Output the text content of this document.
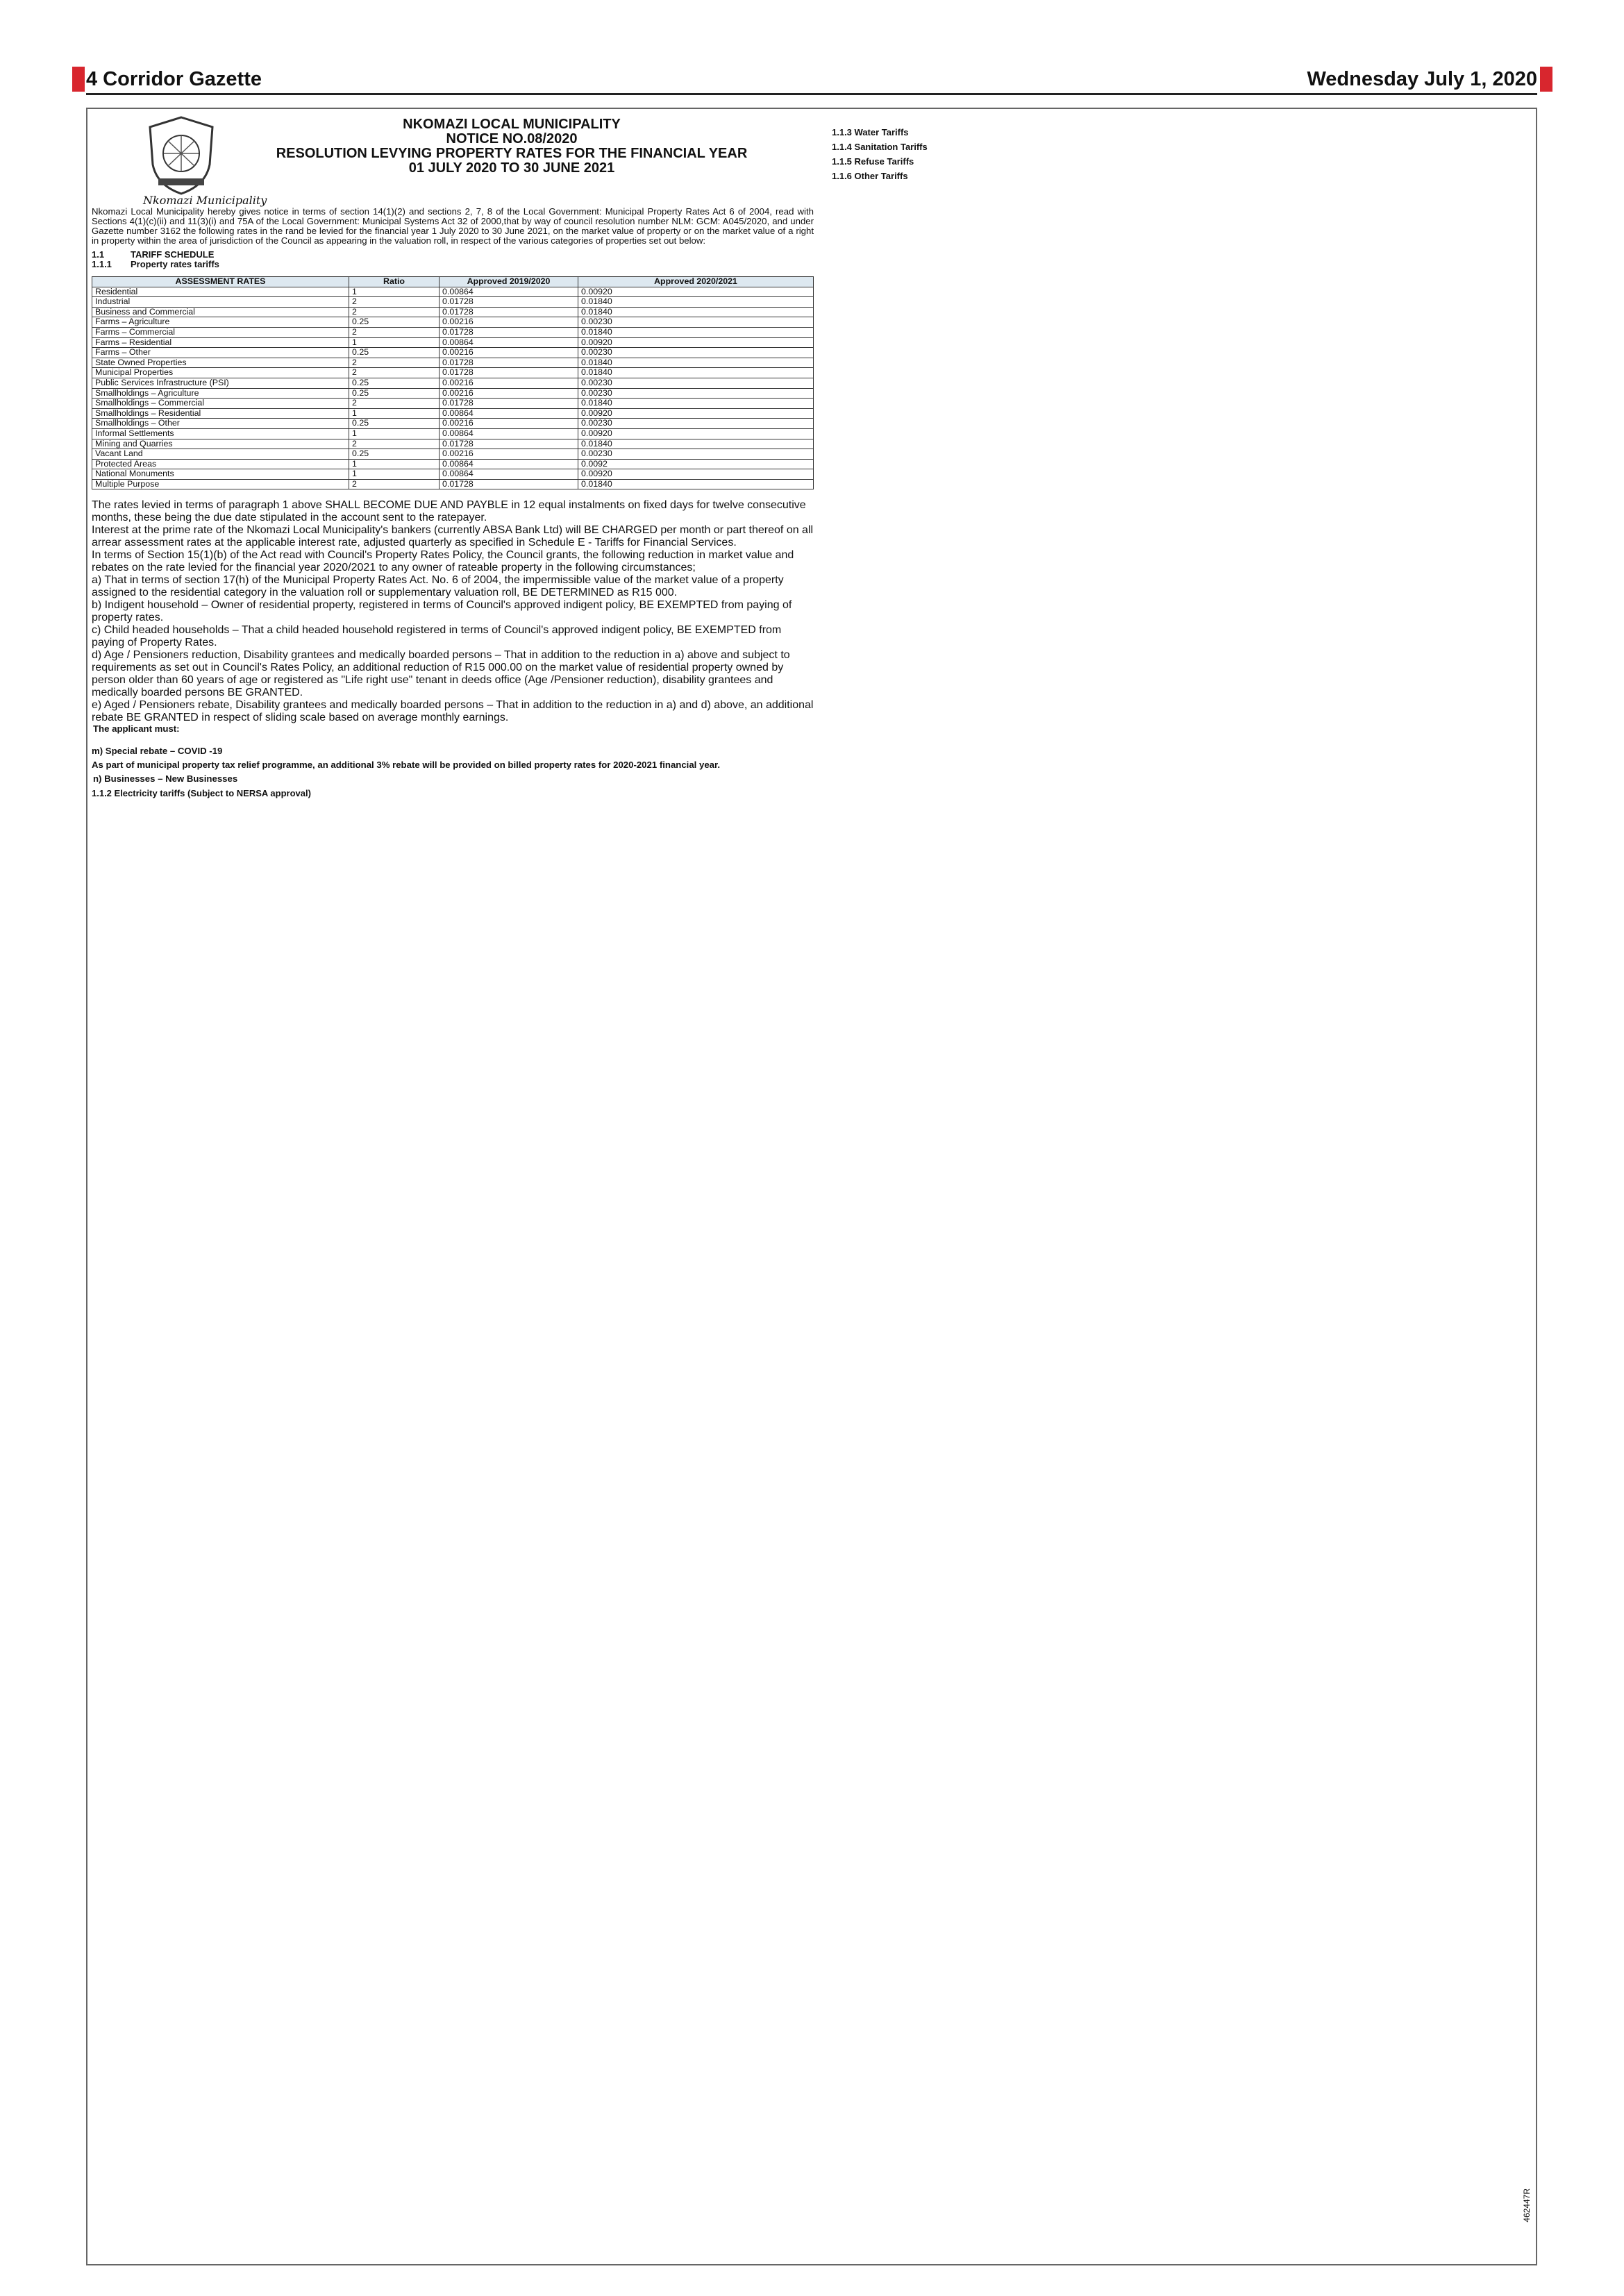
4 Corridor Gazette	Wednesday July 1, 2020
NKOMAZI LOCAL MUNICIPALITY
NOTICE NO.08/2020
RESOLUTION LEVYING PROPERTY RATES FOR THE FINANCIAL YEAR
01 JULY 2020 TO 30 JUNE 2021
Nkomazi Municipality

Nkomazi Local Municipality hereby gives notice in terms of section 14(1)(2) and sections 2, 7, 8 of the Local Government: Municipal Property Rates Act 6 of 2004, read with Sections 4(1)(c)(ii) and 11(3)(i) and 75A of the Local Government: Municipal Systems Act 32 of 2000,that by way of council resolution number NLM: GCM: A045/2020, and under Gazette number 3162 the following rates in the rand be levied for the financial year 1 July 2020 to 30 June 2021, on the market value of property or on the market value of a right in property within the area of jurisdiction of the Council as appearing in the valuation roll, in respect of the various categories of properties set out below:

1.1	TARIFF SCHEDULE
1.1.1 Property rates tariffs
ASSESSMENT RATES	Ratio	Approved 2019/2020	Approved 2020/2021
Residential	1	0.00864	0.00920
Industrial	2	0.01728	0.01840
Business and Commercial	2	0.01728	0.01840
Farms – Agriculture	0.25	0.00216	0.00230
Farms – Commercial	2	0.01728	0.01840
Farms – Residential	1	0.00864	0.00920
Farms – Other	0.25	0.00216	0.00230
State Owned Properties	2	0.01728	0.01840
Municipal Properties	2	0.01728	0.01840
Public Services Infrastructure (PSI)	0.25	0.00216	0.00230
Smallholdings – Agriculture	0.25	0.00216	0.00230
Smallholdings – Commercial	2	0.01728	0.01840
Smallholdings – Residential	1	0.00864	0.00920
Smallholdings – Other	0.25	0.00216	0.00230
Informal Settlements	1	0.00864	0.00920
Mining and Quarries	2	0.01728	0.01840
Vacant Land	0.25	0.00216	0.00230
Protected Areas	1	0.00864	0.0092
National Monuments	1	0.00864	0.00920
Multiple Purpose	2	0.01728	0.01840

The rates levied in terms of paragraph 1 above SHALL BECOME DUE AND PAYBLE in 12 equal instalments on fixed days for twelve consecutive months, these being the due date stipulated in the account sent to the ratepayer.

Interest at the prime rate of the Nkomazi Local Municipality's bankers (currently ABSA Bank Ltd) will BE CHARGED per month or part thereof on all arrear assessment rates at the applicable interest rate, adjusted quarterly as specified in Schedule E - Tariffs for Financial Services.

In terms of Section 15(1)(b) of the Act read with Council's Property Rates Policy, the Council grants, the following reduction in market value and rebates on the rate levied for the financial year 2020/2021 to any owner of rateable property in the following circumstances;

a) That in terms of section 17(h) of the Municipal Property Rates Act. No. 6 of 2004, the impermissible value of the market value of a property assigned to the residential category in the valuation roll or supplementary valuation roll, BE DETERMINED as R15 000.

b) Indigent household – Owner of residential property, registered in terms of Council's approved indigent policy, BE EXEMPTED from paying of property rates.

c) Child headed households – That a child headed household registered in terms of Council's approved indigent policy, BE EXEMPTED from paying of Property Rates.

d) Age / Pensioners reduction, Disability grantees and medically boarded persons – That in addition to the reduction in a) above and subject to requirements as set out in Council's Rates Policy, an additional reduction of R15 000.00 on the market value of residential property owned by person older than 60 years of age or registered as "Life right use" tenant in deeds office (Age /Pensioner reduction), disability grantees and medically boarded persons BE GRANTED.

e) Aged / Pensioners rebate, Disability grantees and medically boarded persons – That in addition to the reduction in a) and d) above, an additional rebate BE GRANTED in respect of sliding scale based on average monthly earnings.

The applicant must:

m) Special rebate – COVID -19

As part of municipal property tax relief programme, an additional 3% rebate will be provided on billed property rates for 2020-2021 financial year.

n) Businesses – New Businesses
1.1.2 Electricity tariffs (Subject to NERSA approval)
1.1.3 Water Tariffs
1.1.4 Sanitation Tariffs
1.1.5 Refuse Tariffs
1.1.6 Other Tariffs
462447R
